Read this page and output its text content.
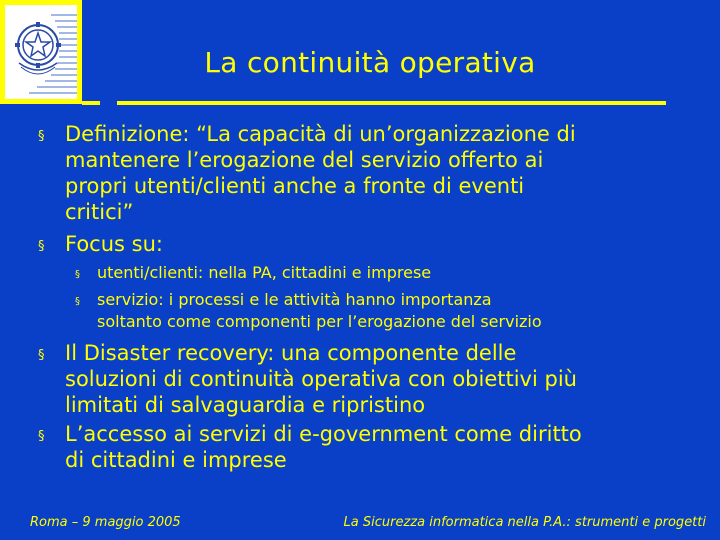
La continuità operativa
§ Definizione: “La capacità di un’organizzazione di
mantenere l’erogazione del servizio offerto ai
propri utenti/clienti anche a fronte di eventi
critici”
§ Focus su:
§ utenti/clienti: nella PA, cittadini e imprese
§ servizio: i processi e le attività hanno importanza
soltanto come componenti per l’erogazione del servizio
§ Il Disaster recovery: una componente delle
soluzioni di continuità operativa con obiettivi più
limitati di salvaguardia e ripristino
§ L’accesso ai servizi di e-government come diritto
di cittadini e imprese
Roma – 9 maggio 2005	La Sicurezza informatica nella P.A.: strumenti e progetti
